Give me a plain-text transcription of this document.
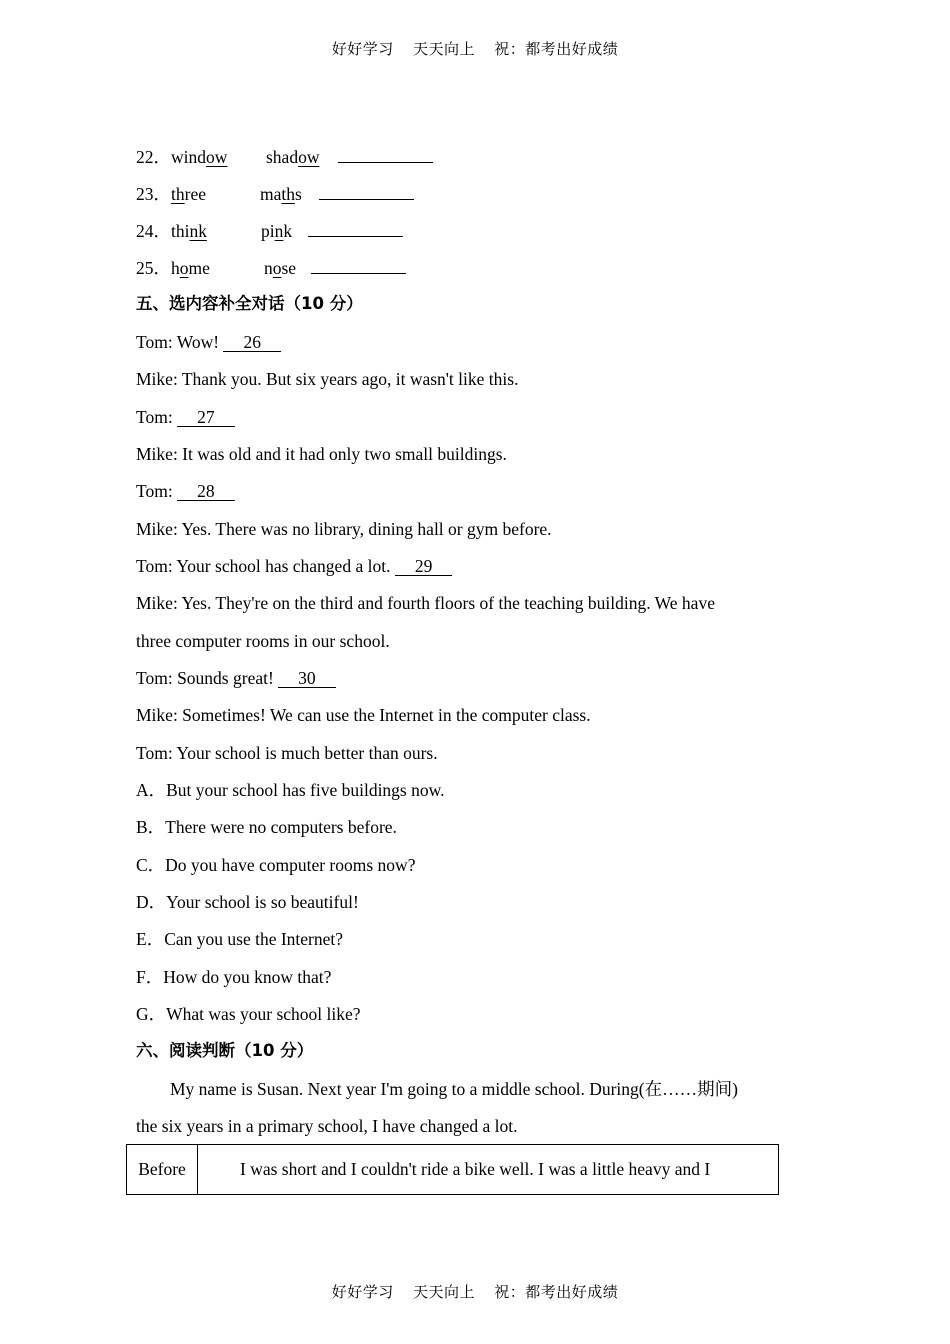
好好学习 天天向上 祝：都考出好成绩
22．window shadow
23．three	maths
24．think	pink
25．home	nose
五、选内容补全对话（10 分）
Tom: Wow! 26
Mike: Thank you. But six years ago, it wasn't like this.
Tom: 27
Mike: It was old and it had only two small buildings.
Tom: 28
Mike: Yes. There was no library, dining hall or gym before.
Tom: Your school has changed a lot. 29
Mike: Yes. They're on the third and fourth floors of the teaching building. We have
three computer rooms in our school.
Tom: Sounds great! 30
Mike: Sometimes! We can use the Internet in the computer class.
Tom: Your school is much better than ours.
A．But your school has five buildings now.
B．There were no computers before.
C．Do you have computer rooms now?
D．Your school is so beautiful!
E．Can you use the Internet?
F．How do you know that?
G．What was your school like?
六、阅读判断（10 分）
My name is Susan. Next year I'm going to a middle school. During(在……期间)
the six years in a primary school, I have changed a lot.
Before	I was short and I couldn't ride a bike well. I was a little heavy and I
好好学习 天天向上 祝：都考出好成绩
